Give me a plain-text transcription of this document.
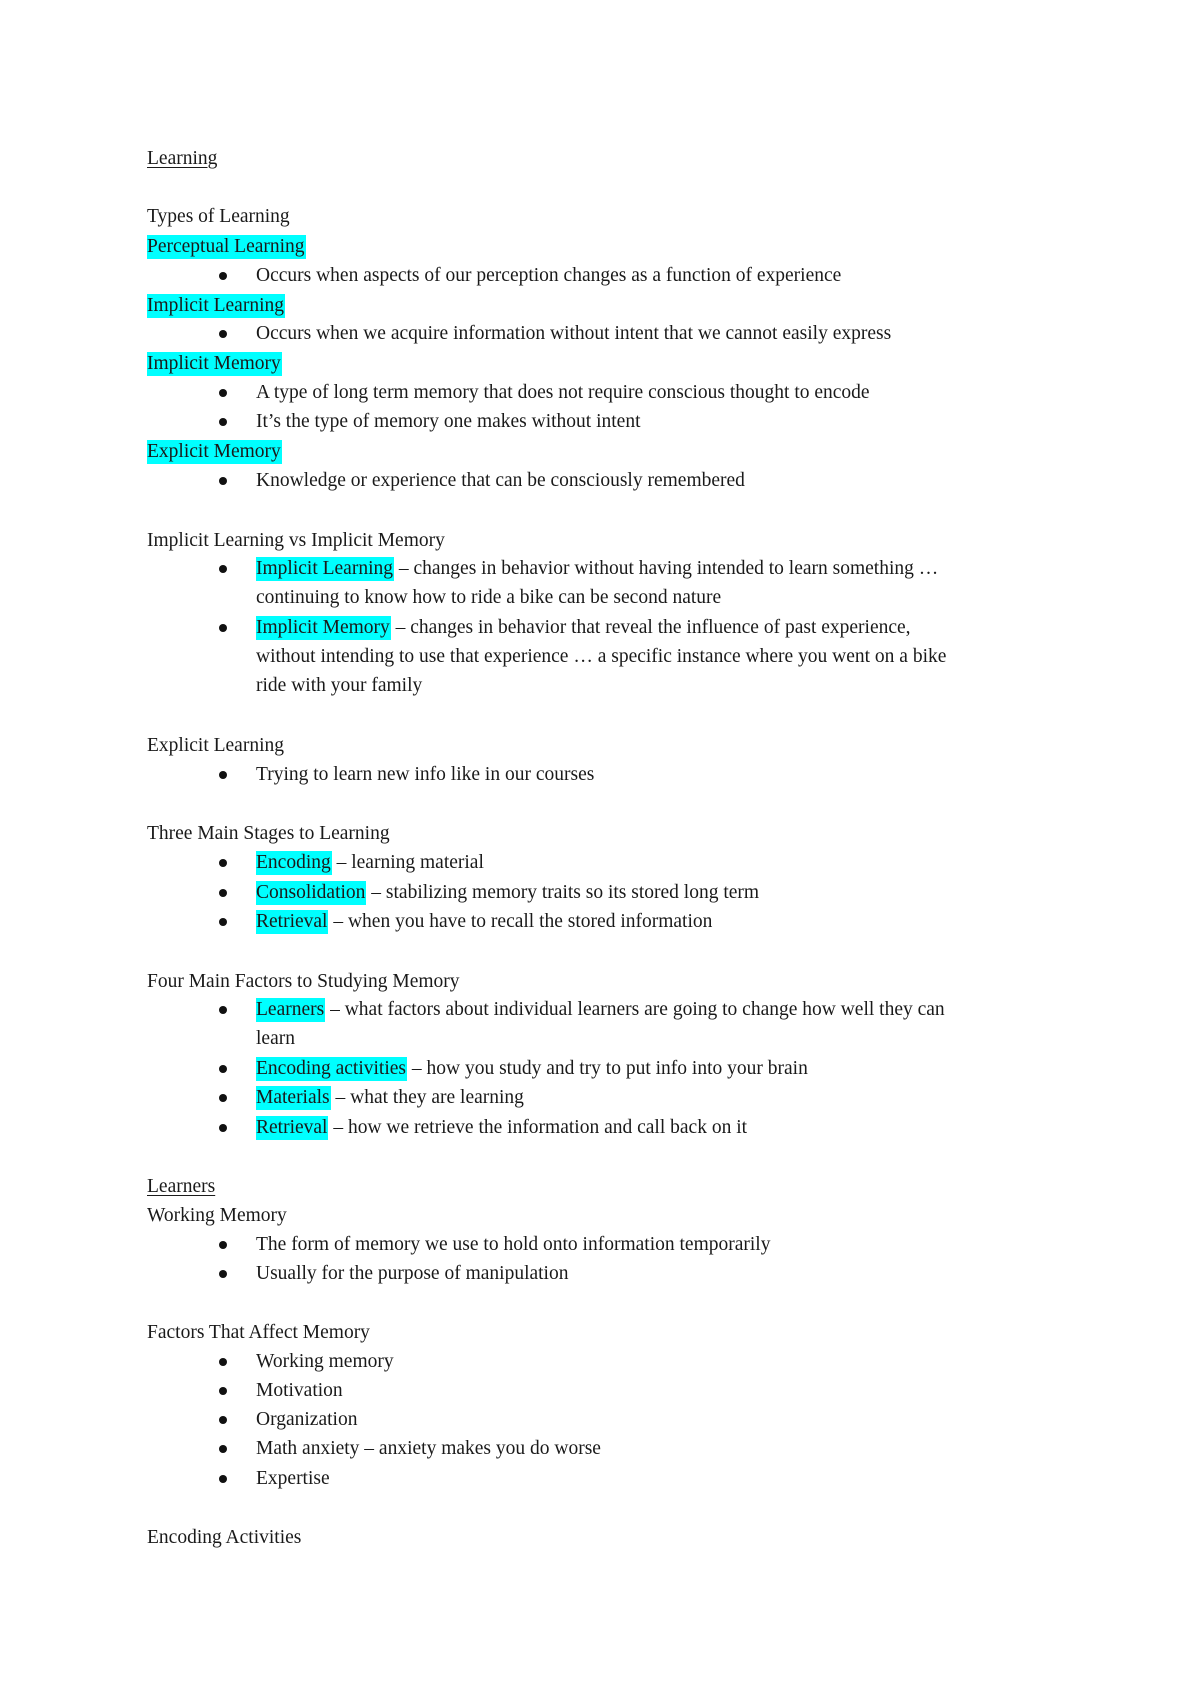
Learning
Types of Learning
Perceptual Learning
Occurs when aspects of our perception changes as a function of experience
Implicit Learning
Occurs when we acquire information without intent that we cannot easily express
Implicit Memory
A type of long term memory that does not require conscious thought to encode
It’s the type of memory one makes without intent
Explicit Memory
Knowledge or experience that can be consciously remembered
Implicit Learning vs Implicit Memory
Implicit Learning – changes in behavior without having intended to learn something …
continuing to know how to ride a bike can be second nature
Implicit Memory – changes in behavior that reveal the influence of past experience,
without intending to use that experience … a specific instance where you went on a bike
ride with your family
Explicit Learning
Trying to learn new info like in our courses
Three Main Stages to Learning
Encoding – learning material
Consolidation – stabilizing memory traits so its stored long term
Retrieval – when you have to recall the stored information
Four Main Factors to Studying Memory
Learners – what factors about individual learners are going to change how well they can
learn
Encoding activities – how you study and try to put info into your brain
Materials – what they are learning
Retrieval – how we retrieve the information and call back on it
Learners
Working Memory
The form of memory we use to hold onto information temporarily
Usually for the purpose of manipulation
Factors That Affect Memory
Working memory
Motivation
Organization
Math anxiety – anxiety makes you do worse
Expertise
Encoding Activities
